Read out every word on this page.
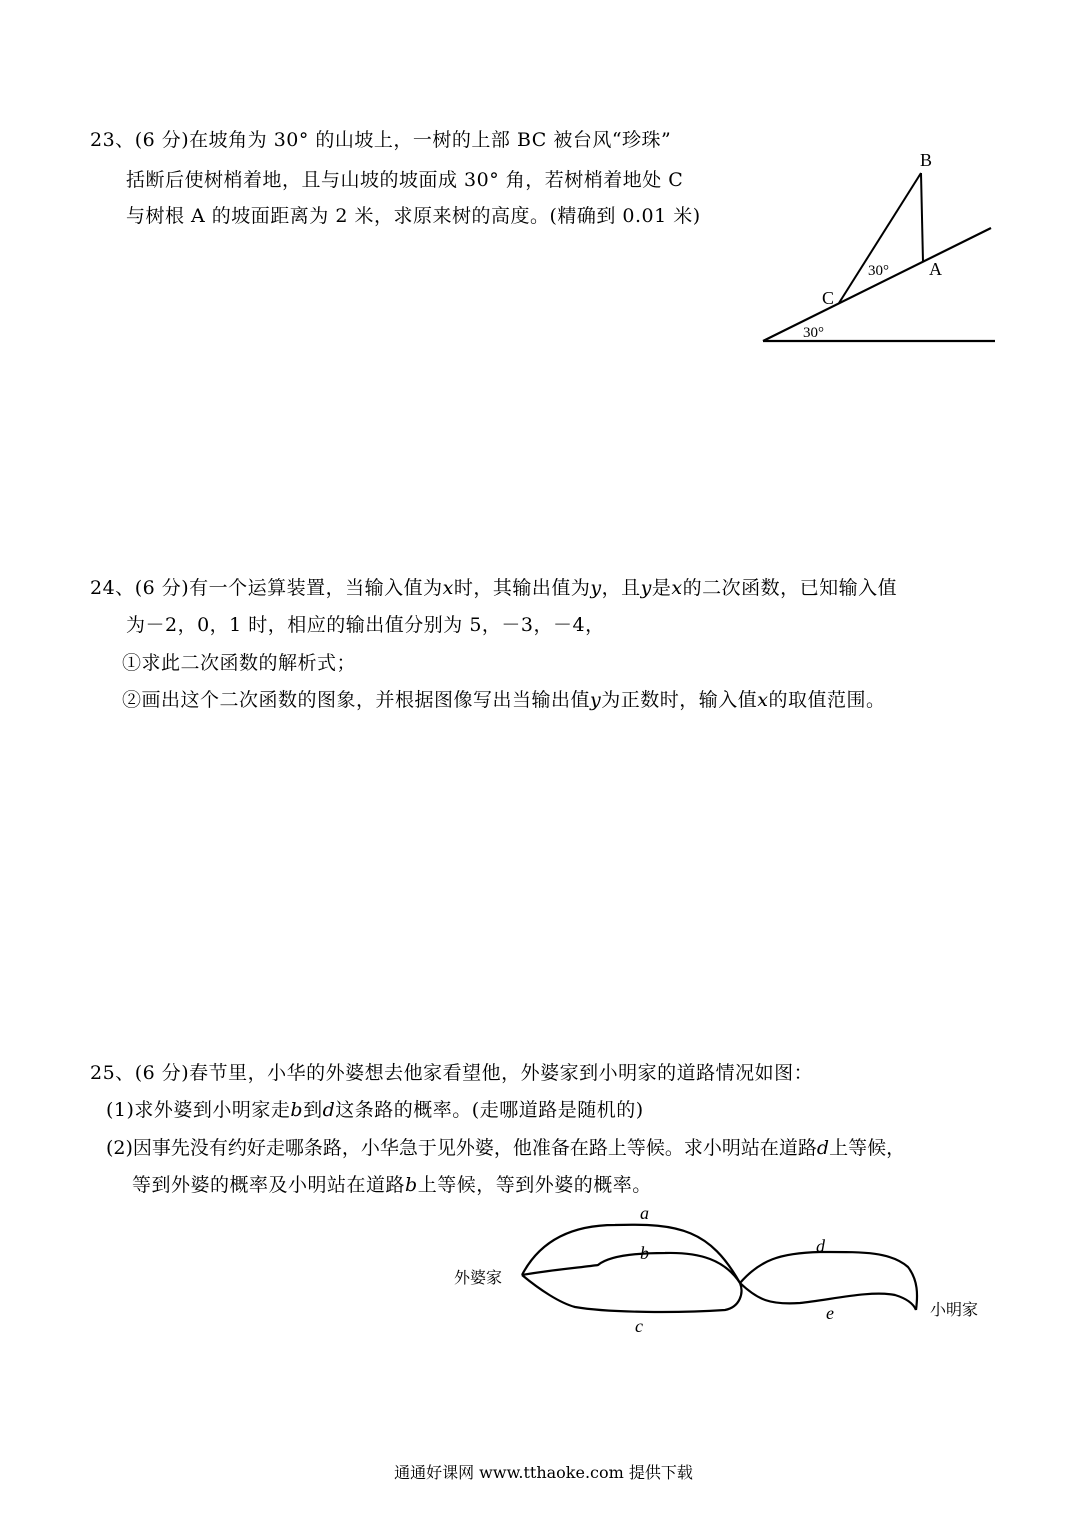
23、(6 分)在坡角为 30° 的山坡上，一树的上部 BC 被台风“珍珠”
括断后使树梢着地，且与山坡的坡面成 30° 角，若树梢着地处 C
与树根 A 的坡面距离为 2 米，求原来树的高度。(精确到 0.01 米)
B
A
C
30°
30°
24、(6 分)有一个运算装置，当输入值为x时，其输出值为y，且y是x的二次函数，已知输入值
为－2，0，1 时，相应的输出值分别为 5，－3，－4，
①求此二次函数的解析式；
②画出这个二次函数的图象，并根据图像写出当输出值y为正数时，输入值x的取值范围。
25、(6 分)春节里，小华的外婆想去他家看望他，外婆家到小明家的道路情况如图：
(1)求外婆到小明家走b到d这条路的概率。(走哪道路是随机的)
(2)因事先没有约好走哪条路，小华急于见外婆，他准备在路上等候。求小明站在道路d上等候，
等到外婆的概率及小明站在道路b上等候，等到外婆的概率。
外婆家
小明家
a
b
c
d
e
通通好课网 www.tthaoke.com 提供下载
